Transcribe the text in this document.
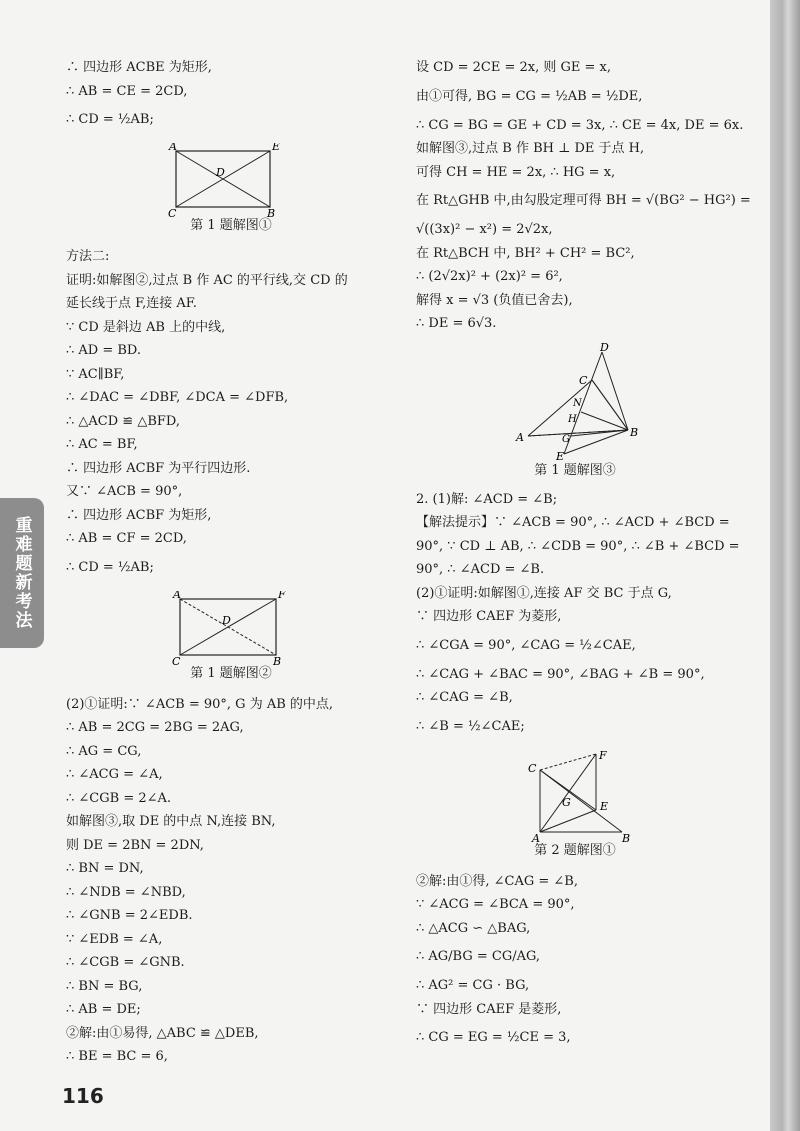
重难题新考法
∴ 四边形 ACBE 为矩形,
∴ AB = CE = 2CD,
∴ CD = ½AB;
A	E
D
C	B
第 1 题解图①
方法二:
证明:如解图②,过点 B 作 AC 的平行线,交 CD 的
延长线于点 F,连接 AF.
∵ CD 是斜边 AB 上的中线,
∴ AD = BD.
∵ AC∥BF,
∴ ∠DAC = ∠DBF, ∠DCA = ∠DFB,
∴ △ACD ≌ △BFD,
∴ AC = BF,
∴ 四边形 ACBF 为平行四边形.
又∵ ∠ACB = 90°,
∴ 四边形 ACBF 为矩形,
∴ AB = CF = 2CD,
∴ CD = ½AB;
A	F
D
C	B
第 1 题解图②
(2)①证明:∵ ∠ACB = 90°, G 为 AB 的中点,
∴ AB = 2CG = 2BG = 2AG,
∴ AG = CG,
∴ ∠ACG = ∠A,
∴ ∠CGB = 2∠A.
如解图③,取 DE 的中点 N,连接 BN,
则 DE = 2BN = 2DN,
∴ BN = DN,
∴ ∠NDB = ∠NBD,
∴ ∠GNB = 2∠EDB.
∵ ∠EDB = ∠A,
∴ ∠CGB = ∠GNB.
∴ BN = BG,
∴ AB = DE;
②解:由①易得, △ABC ≌ △DEB,
∴ BE = BC = 6,
设 CD = 2CE = 2x, 则 GE = x,
由①可得, BG = CG = ½AB = ½DE,
∴ CG = BG = GE + CD = 3x, ∴ CE = 4x, DE = 6x.
如解图③,过点 B 作 BH ⊥ DE 于点 H,
可得 CH = HE = 2x, ∴ HG = x,
在 Rt△GHB 中,由勾股定理可得 BH = √(BG² − HG²) =
√((3x)² − x²) = 2√2x,
在 Rt△BCH 中, BH² + CH² = BC²,
∴ (2√2x)² + (2x)² = 6²,
解得 x = √3 (负值已舍去),
∴ DE = 6√3.
D
C
N
H
G
E
A	B
第 1 题解图③
2. (1)解: ∠ACD = ∠B;
【解法提示】∵ ∠ACB = 90°, ∴ ∠ACD + ∠BCD =
90°, ∵ CD ⊥ AB, ∴ ∠CDB = 90°, ∴ ∠B + ∠BCD =
90°, ∴ ∠ACD = ∠B.
(2)①证明:如解图①,连接 AF 交 BC 于点 G,
∵ 四边形 CAEF 为菱形,
∴ ∠CGA = 90°, ∠CAG = ½∠CAE,
∴ ∠CAG + ∠BAC = 90°, ∠BAG + ∠B = 90°,
∴ ∠CAG = ∠B,
∴ ∠B = ½∠CAE;
C
F
G	E
A	B
第 2 题解图①
②解:由①得, ∠CAG = ∠B,
∵ ∠ACG = ∠BCA = 90°,
∴ △ACG ∽ △BAG,
∴ AG/BG = CG/AG,
∴ AG² = CG · BG,
∵ 四边形 CAEF 是菱形,
∴ CG = EG = ½CE = 3,
116
